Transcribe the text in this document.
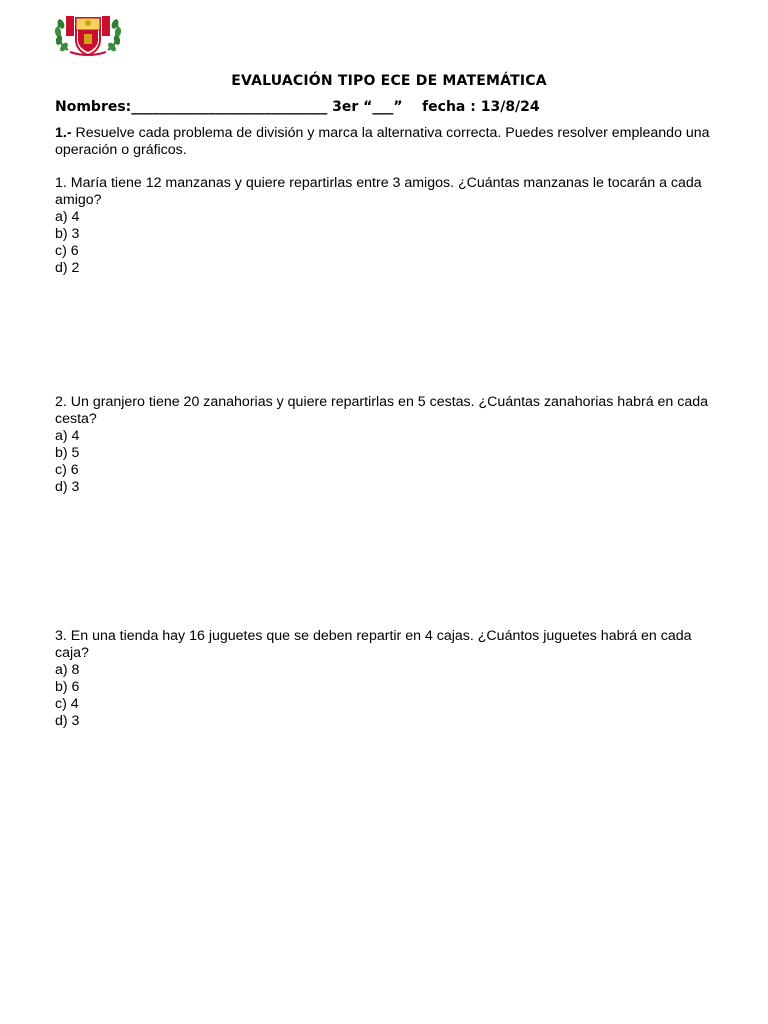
EVALUACIÓN TIPO ECE DE MATEMÁTICA
Nombres:____________________________ 3er “___” fecha : 13/8/24
1.- Resuelve cada problema de división y marca la alternativa correcta. Puedes resolver empleando una operación o gráficos.
1. María tiene 12 manzanas y quiere repartirlas entre 3 amigos. ¿Cuántas manzanas le tocarán a cada amigo?
a) 4
b) 3
c) 6
d) 2
2. Un granjero tiene 20 zanahorias y quiere repartirlas en 5 cestas. ¿Cuántas zanahorias habrá en cada cesta?
a) 4
b) 5
c) 6
d) 3
3. En una tienda hay 16 juguetes que se deben repartir en 4 cajas. ¿Cuántos juguetes habrá en cada caja?
a) 8
b) 6
c) 4
d) 3
